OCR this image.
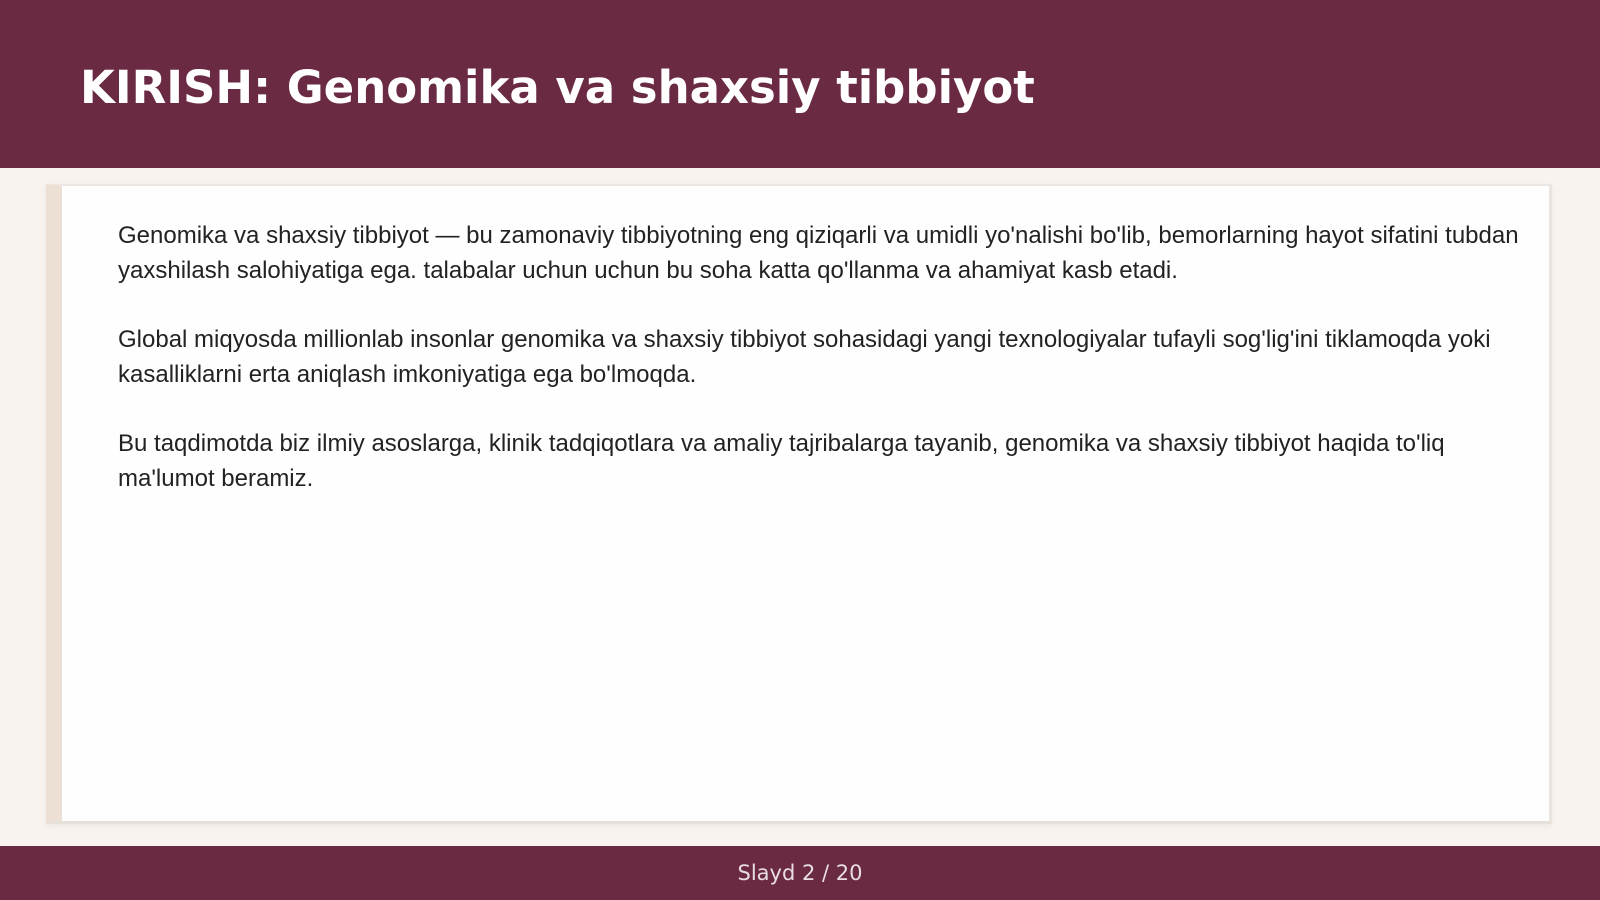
KIRISH: Genomika va shaxsiy tibbiyot

Genomika va shaxsiy tibbiyot — bu zamonaviy tibbiyotning eng qiziqarli va umidli yo'nalishi bo'lib, bemorlarning hayot sifatini tubdan yaxshilash salohiyatiga ega. talabalar uchun uchun bu soha katta qo'llanma va ahamiyat kasb etadi.

Global miqyosda millionlab insonlar genomika va shaxsiy tibbiyot sohasidagi yangi texnologiyalar tufayli sog'lig'ini tiklamoqda yoki kasalliklarni erta aniqlash imkoniyatiga ega bo'lmoqda.

Bu taqdimotda biz ilmiy asoslarga, klinik tadqiqotlara va amaliy tajribalarga tayanib, genomika va shaxsiy tibbiyot haqida to'liq ma'lumot beramiz.

Slayd 2 / 20
